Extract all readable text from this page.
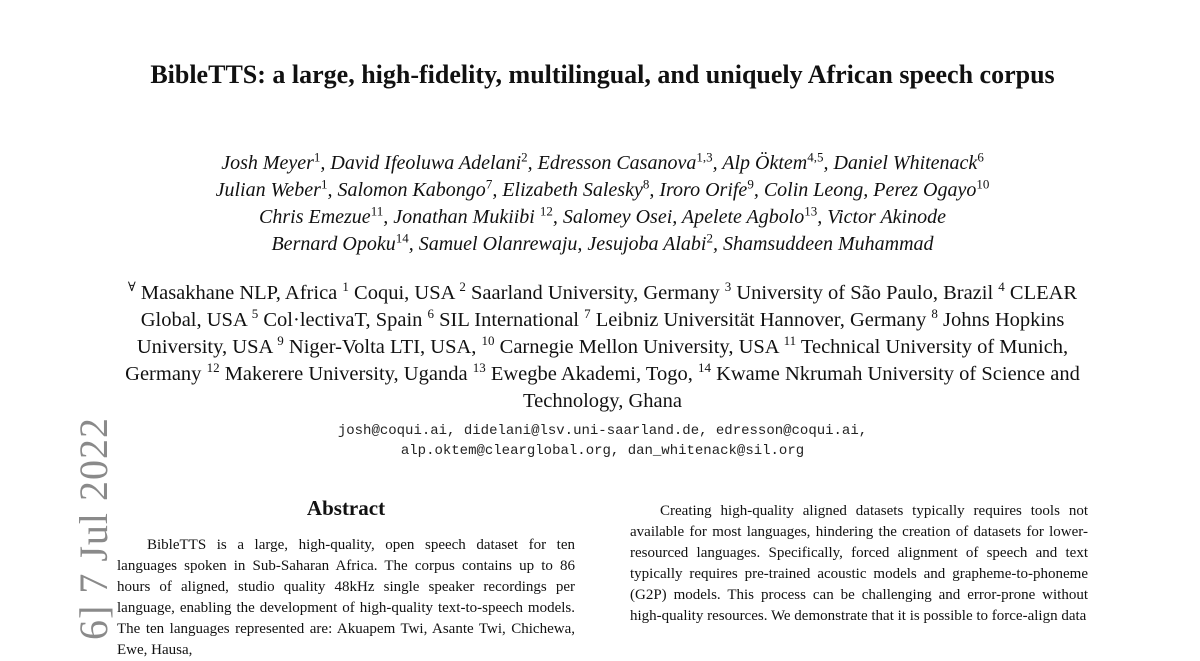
6] 7 Jul 2022
BibleTTS: a large, high-fidelity, multilingual, and uniquely African speech corpus
Josh Meyer$^1$, David Ifeoluwa Adelani$^2$, Edresson Casanova$^{1,3}$, Alp Öktem$^{4,5}$, Daniel Whitenack$^6$
Julian Weber$^1$, Salomon Kabongo$^7$, Elizabeth Salesky$^8$, Iroro Orife$^9$, Colin Leong, Perez Ogayo$^{10}$
Chris Emezue$^{11}$, Jonathan Mukiibi $^{12}$, Salomey Osei, Apelete Agbolo$^{13}$, Victor Akinode
Bernard Opoku$^{14}$, Samuel Olanrewaju, Jesujoba Alabi$^2$, Shamsuddeen Muhammad
∀ Masakhane NLP, Africa $^1$ Coqui, USA $^2$ Saarland University, Germany $^3$ University of São Paulo, Brazil $^4$ CLEAR Global, USA $^5$ Col·lectivaT, Spain $^6$ SIL International $^7$ Leibniz Universität Hannover, Germany $^8$ Johns Hopkins University, USA $^9$ Niger-Volta LTI, USA, $^{10}$ Carnegie Mellon University, USA $^{11}$ Technical University of Munich, Germany $^{12}$ Makerere University, Uganda $^{13}$ Ewegbe Akademi, Togo, $^{14}$ Kwame Nkrumah University of Science and Technology, Ghana
josh@coqui.ai, didelani@lsv.uni-saarland.de, edresson@coqui.ai,
alp.oktem@clearglobal.org, dan_whitenack@sil.org
Abstract
BibleTTS is a large, high-quality, open speech dataset for ten languages spoken in Sub-Saharan Africa. The corpus contains up to 86 hours of aligned, studio quality 48kHz single speaker recordings per language, enabling the development of high-quality text-to-speech models. The ten languages represented are: Akuapem Twi, Asante Twi, Chichewa, Ewe, Hausa,
Creating high-quality aligned datasets typically requires tools not available for most languages, hindering the creation of datasets for lower-resourced languages. Specifically, forced alignment of speech and text typically requires pre-trained acoustic models and grapheme-to-phoneme (G2P) models. This process can be challenging and error-prone without high-quality resources. We demonstrate that it is possible to force-align data
